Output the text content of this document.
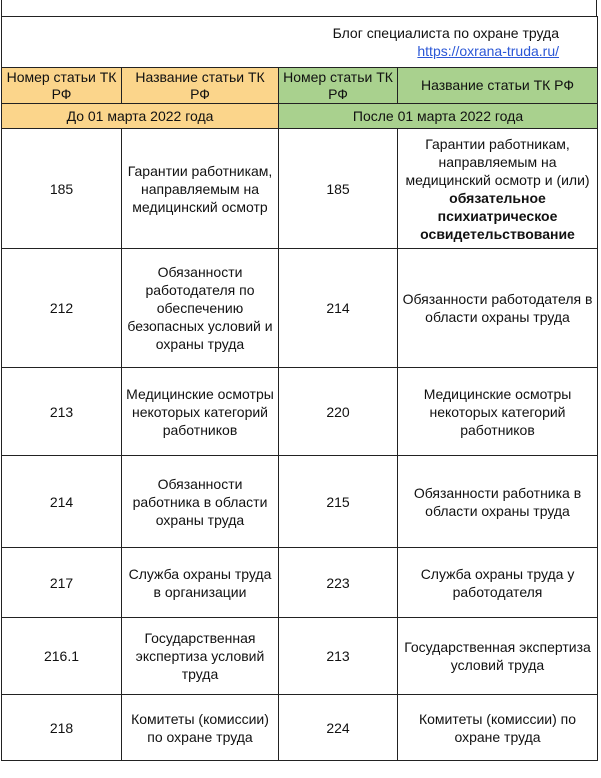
Блог специалиста по охране труда
https://oxrana-truda.ru/			

Номер статьи ТК РФ	Название статьи ТК РФ	Номер статьи ТК РФ	Название статьи ТК РФ
До 01 марта 2022 года		После 01 марта 2022 года	
185	Гарантии работникам, направляемым на медицинский осмотр	185	Гарантии работникам, направляемым на медицинский осмотр и (или) обязательное психиатрическое освидетельствование
212	Обязанности работодателя по обеспечению безопасных условий и охраны труда	214	Обязанности работодателя в области охраны труда
213	Медицинские осмотры некоторых категорий работников	220	Медицинские осмотры некоторых категорий работников
214	Обязанности работника в области охраны труда	215	Обязанности работника в области охраны труда
217	Служба охраны труда в организации	223	Служба охраны труда у работодателя
216.1	Государственная экспертиза условий труда	213	Государственная экспертиза условий труда
218	Комитеты (комиссии) по охране труда	224	Комитеты (комиссии) по охране труда
